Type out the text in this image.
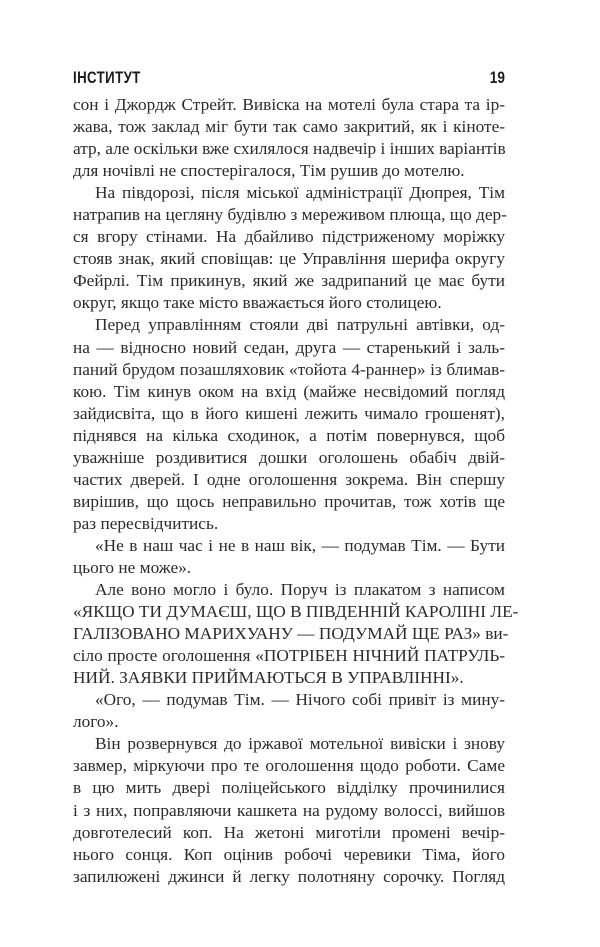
ІНСТИТУТ	19
сон і Джордж Стрейт. Вивіска на мотелі була стара та ір-
жава, тож заклад міг бути так само закритий, як і кіноте-
атр, але оскільки вже схилялося надвечір і інших варіантів
для ночівлі не спостерігалося, Тім рушив до мотелю.
На півдорозі, після міської адміністрації Дюпрея, Тім
натрапив на цегляну будівлю з мереживом плюща, що дер-
ся вгору стінами. На дбайливо підстриженому моріжку
стояв знак, який сповіщав: це Управління шерифа округу
Фейрлі. Тім прикинув, який же задрипаний це має бути
округ, якщо таке місто вважається його столицею.
Перед управлінням стояли дві патрульні автівки, од-
на — відносно новий седан, друга — старенький і заль-
паний брудом позашляховик «тойота 4-раннер» із блимав-
кою. Тім кинув оком на вхід (майже несвідомий погляд
зайдисвіта, що в його кишені лежить чимало грошенят),
піднявся на кілька сходинок, а потім повернувся, щоб
уважніше роздивитися дошки оголошень обабіч двій-
частих дверей. І одне оголошення зокрема. Він спершу
вирішив, що щось неправильно прочитав, тож хотів ще
раз пересвідчитись.
«Не в наш час і не в наш вік, — подумав Тім. — Бути
цього не може».
Але воно могло і було. Поруч із плакатом з написом
«ЯКЩО ТИ ДУМАЄШ, ЩО В ПІВДЕННІЙ КАРОЛІНІ ЛЕ-
ГАЛІЗОВАНО МАРИХУАНУ — ПОДУМАЙ ЩЕ РАЗ» ви-
сіло просте оголошення «ПОТРІБЕН НІЧНИЙ ПАТРУЛЬ-
НИЙ. ЗАЯВКИ ПРИЙМАЮТЬСЯ В УПРАВЛІННІ».
«Ого, — подумав Тім. — Нічого собі привіт із мину-
лого».
Він розвернувся до іржавої мотельної вивіски і знову
завмер, міркуючи про те оголошення щодо роботи. Саме
в цю мить двері поліцейського відділку прочинилися
і з них, поправляючи кашкета на рудому волоссі, вийшов
довготелесий коп. На жетоні миготіли промені вечір-
нього сонця. Коп оцінив робочі черевики Тіма, його
запилюжені джинси й легку полотняну сорочку. Погляд
